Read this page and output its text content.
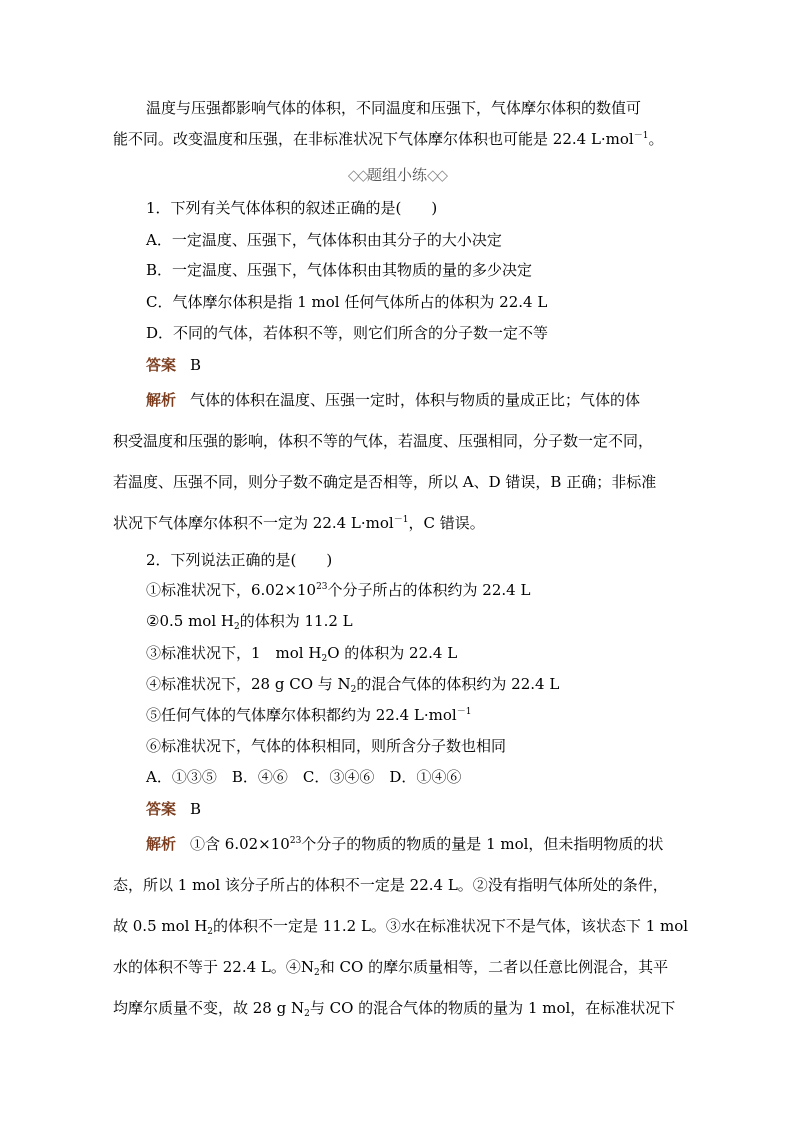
温度与压强都影响气体的体积，不同温度和压强下，气体摩尔体积的数值可
能不同。改变温度和压强，在非标准状况下气体摩尔体积也可能是 22.4 L·mol$^{-1}$。
◇◇题组小练◇◇
1．下列有关气体体积的叙述正确的是(　　)
A．一定温度、压强下，气体体积由其分子的大小决定
B．一定温度、压强下，气体体积由其物质的量的多少决定
C．气体摩尔体积是指 1 mol 任何气体所占的体积为 22.4 L
D．不同的气体，若体积不等，则它们所含的分子数一定不等
答案 B
解析 气体的体积在温度、压强一定时，体积与物质的量成正比；气体的体
积受温度和压强的影响，体积不等的气体，若温度、压强相同，分子数一定不同，
若温度、压强不同，则分子数不确定是否相等，所以 A、D 错误，B 正确；非标准
状况下气体摩尔体积不一定为 22.4 L·mol$^{-1}$，C 错误。
2．下列说法正确的是(　　)
①标准状况下，$6.02\times 10^{23}$个分子所占的体积约为 22.4 L
②0.5 mol $H_2$的体积为 11.2 L
③标准状况下，1　mol $H_2O$ 的体积为 22.4 L
④标准状况下，28 g CO 与 $N_2$的混合气体的体积约为 22.4 L
⑤任何气体的气体摩尔体积都约为 22.4 L·mol$^{-1}$
⑥标准状况下，气体的体积相同，则所含分子数也相同
A．①③⑤　B．④⑥　C．③④⑥　D．①④⑥
答案 B
解析 ①含 $6.02\times 10^{23}$个分子的物质的物质的量是 1 mol，但未指明物质的状
态，所以 1 mol 该分子所占的体积不一定是 22.4 L。②没有指明气体所处的条件，
故 0.5 mol $H_2$的体积不一定是 11.2 L。③水在标准状况下不是气体，该状态下 1 mol
水的体积不等于 22.4 L。$④N_2$和 CO 的摩尔质量相等，二者以任意比例混合，其平
均摩尔质量不变，故 28 g $N_2$与 CO 的混合气体的物质的量为 1 mol，在标准状况下
